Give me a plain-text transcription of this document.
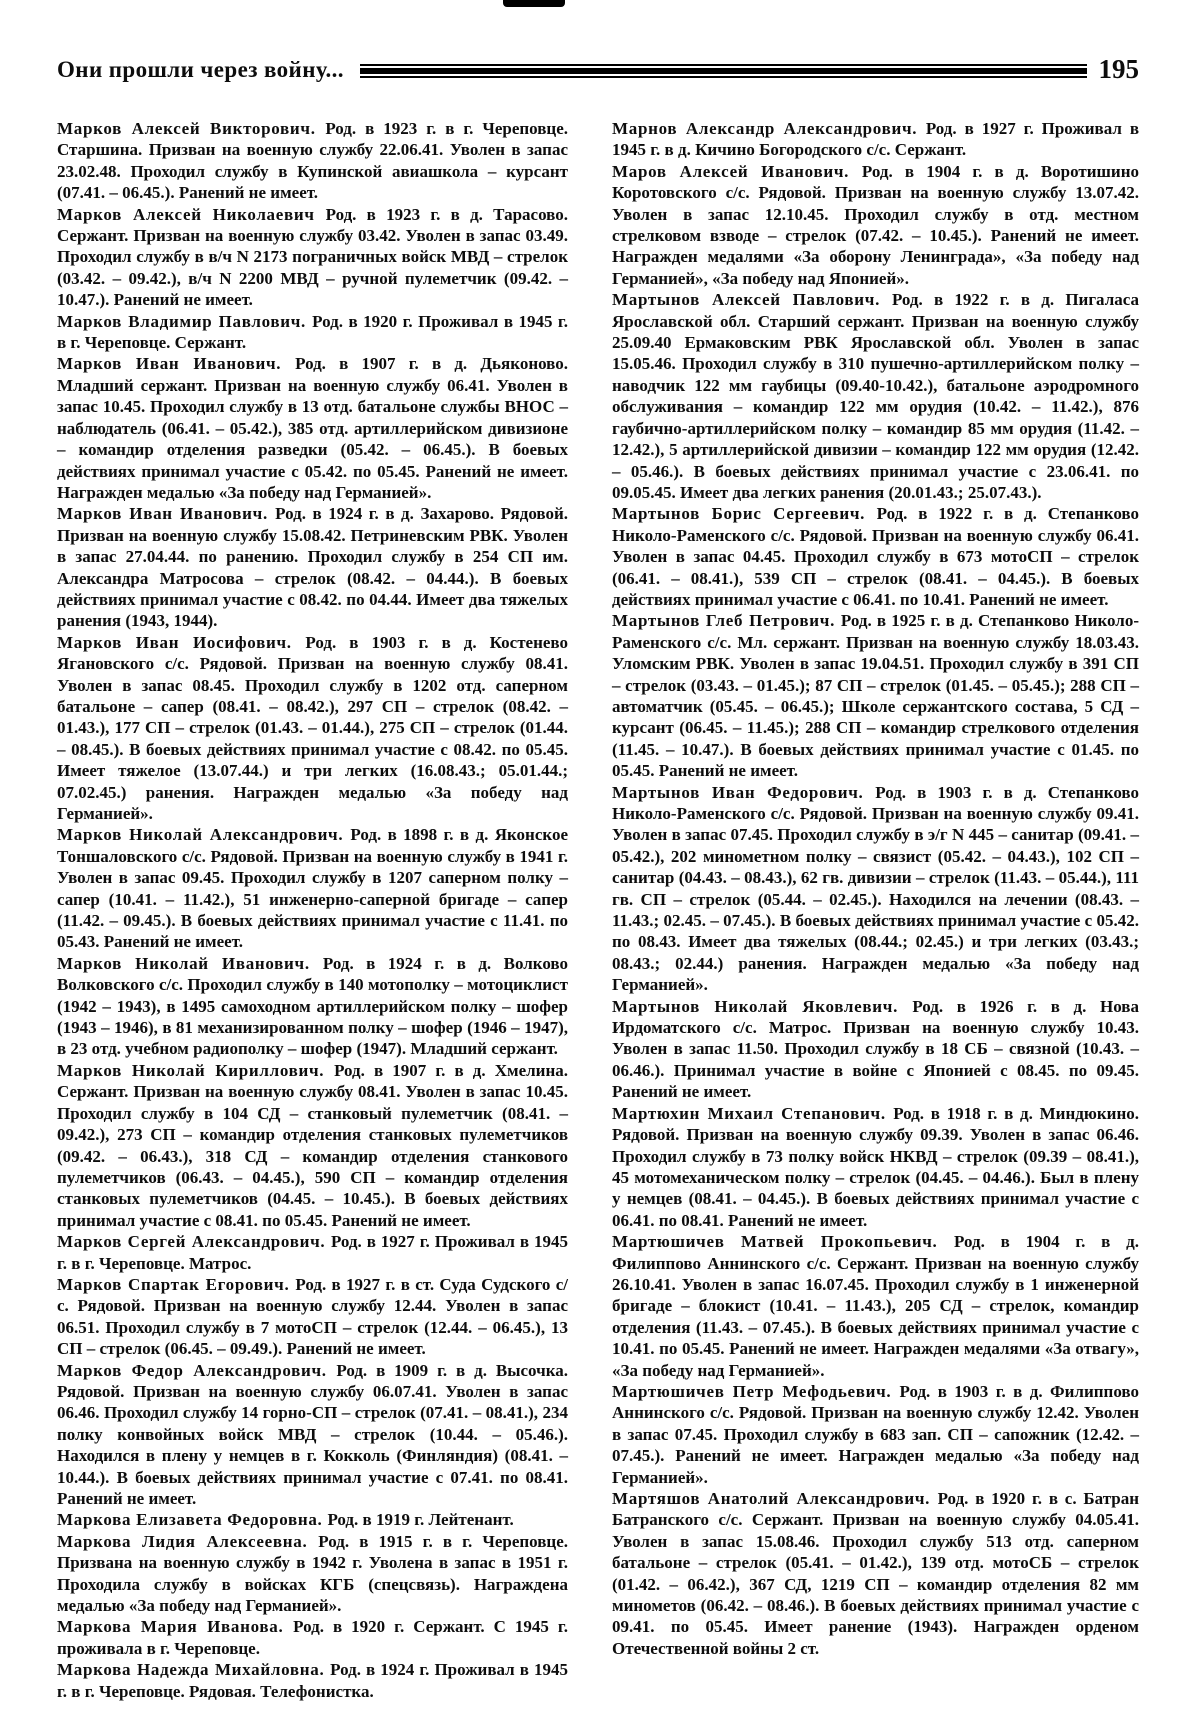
Они прошли через войну...	195

Марков Алексей Викторович. Род. в 1923 г. в г. Череповце. Старшина. Призван на военную службу 22.06.41. Уволен в запас 23.02.48. Проходил службу в Купинской авиашкола – курсант (07.41. – 06.45.). Ранений не имеет.

Марков Алексей Николаевич Род. в 1923 г. в д. Тарасово. Сержант. Призван на военную службу 03.42. Уволен в запас 03.49. Проходил службу в в/ч N 2173 пограничных войск МВД – стрелок (03.42. – 09.42.), в/ч N 2200 МВД – ручной пулеметчик (09.42. – 10.47.). Ранений не имеет.

Марков Владимир Павлович. Род. в 1920 г. Проживал в 1945 г. в г. Череповце. Сержант.

Марков Иван Иванович. Род. в 1907 г. в д. Дьяконово. Младший сержант. Призван на военную службу 06.41. Уволен в запас 10.45. Проходил службу в 13 отд. батальоне службы ВНОС – наблюдатель (06.41. – 05.42.), 385 отд. артиллерийском дивизионе – командир отделения разведки (05.42. – 06.45.). В боевых действиях принимал участие с 05.42. по 05.45. Ранений не имеет. Награжден медалью «За победу над Германией».

Марков Иван Иванович. Род. в 1924 г. в д. Захарово. Рядовой. Призван на военную службу 15.08.42. Петриневским РВК. Уволен в запас 27.04.44. по ранению. Проходил службу в 254 СП им. Александра Матросова – стрелок (08.42. – 04.44.). В боевых действиях принимал участие с 08.42. по 04.44. Имеет два тяжелых ранения (1943, 1944).

Марков Иван Иосифович. Род. в 1903 г. в д. Костенево Ягановского с/с. Рядовой. Призван на военную службу 08.41. Уволен в запас 08.45. Проходил службу в 1202 отд. саперном батальоне – сапер (08.41. – 08.42.), 297 СП – стрелок (08.42. – 01.43.), 177 СП – стрелок (01.43. – 01.44.), 275 СП – стрелок (01.44. – 08.45.). В боевых действиях принимал участие с 08.42. по 05.45. Имеет тяжелое (13.07.44.) и три легких (16.08.43.; 05.01.44.; 07.02.45.) ранения. Награжден медалью «За победу над Германией».

Марков Николай Александрович. Род. в 1898 г. в д. Яконское Тоншаловского с/с. Рядовой. Призван на военную службу в 1941 г. Уволен в запас 09.45. Проходил службу в 1207 саперном полку – сапер (10.41. – 11.42.), 51 инженерно-саперной бригаде – сапер (11.42. – 09.45.). В боевых действиях принимал участие с 11.41. по 05.43. Ранений не имеет.

Марков Николай Иванович. Род. в 1924 г. в д. Волково Волковского с/с. Проходил службу в 140 мотополку – мотоциклист (1942 – 1943), в 1495 самоходном артиллерийском полку – шофер (1943 – 1946), в 81 механизированном полку – шофер (1946 – 1947), в 23 отд. учебном радиополку – шофер (1947). Младший сержант.

Марков Николай Кириллович. Род. в 1907 г. в д. Хмелина. Сержант. Призван на военную службу 08.41. Уволен в запас 10.45. Проходил службу в 104 СД – станковый пулеметчик (08.41. – 09.42.), 273 СП – командир отделения станковых пулеметчиков (09.42. – 06.43.), 318 СД – командир отделения станкового пулеметчиков (06.43. – 04.45.), 590 СП – командир отделения станковых пулеметчиков (04.45. – 10.45.). В боевых действиях принимал участие с 08.41. по 05.45. Ранений не имеет.

Марков Сергей Александрович. Род. в 1927 г. Проживал в 1945 г. в г. Череповце. Матрос.

Марков Спартак Егорович. Род. в 1927 г. в ст. Суда Судского с/с. Рядовой. Призван на военную службу 12.44. Уволен в запас 06.51. Проходил службу в 7 мотоСП – стрелок (12.44. – 06.45.), 13 СП – стрелок (06.45. – 09.49.). Ранений не имеет.

Марков Федор Александрович. Род. в 1909 г. в д. Высочка. Рядовой. Призван на военную службу 06.07.41. Уволен в запас 06.46. Проходил службу 14 горно-СП – стрелок (07.41. – 08.41.), 234 полку конвойных войск МВД – стрелок (10.44. – 05.46.). Находился в плену у немцев в г. Кокколь (Финляндия) (08.41. – 10.44.). В боевых действиях принимал участие с 07.41. по 08.41. Ранений не имеет.

Маркова Елизавета Федоровна. Род. в 1919 г. Лейтенант.

Маркова Лидия Алексеевна. Род. в 1915 г. в г. Череповце. Призвана на военную службу в 1942 г. Уволена в запас в 1951 г. Проходила службу в войсках КГБ (спецсвязь). Награждена медалью «За победу над Германией».

Маркова Мария Иванова. Род. в 1920 г. Сержант. С 1945 г. проживала в г. Череповце.

Маркова Надежда Михайловна. Род. в 1924 г. Проживал в 1945 г. в г. Череповце. Рядовая. Телефонистка.

Марнов Александр Александрович. Род. в 1927 г. Проживал в 1945 г. в д. Кичино Богородского с/с. Сержант.

Маров Алексей Иванович. Род. в 1904 г. в д. Воротишино Коротовского с/с. Рядовой. Призван на военную службу 13.07.42. Уволен в запас 12.10.45. Проходил службу в отд. местном стрелковом взводе – стрелок (07.42. – 10.45.). Ранений не имеет. Награжден медалями «За оборону Ленинграда», «За победу над Германией», «За победу над Японией».

Мартынов Алексей Павлович. Род. в 1922 г. в д. Пигаласа Ярославской обл. Старший сержант. Призван на военную службу 25.09.40 Ермаковским РВК Ярославской обл. Уволен в запас 15.05.46. Проходил службу в 310 пушечно-артиллерийском полку – наводчик 122 мм гаубицы (09.40-10.42.), батальоне аэродромного обслуживания – командир 122 мм орудия (10.42. – 11.42.), 876 гаубично-артиллерийском полку – командир 85 мм орудия (11.42. – 12.42.), 5 артиллерийской дивизии – командир 122 мм орудия (12.42. – 05.46.). В боевых действиях принимал участие с 23.06.41. по 09.05.45. Имеет два легких ранения (20.01.43.; 25.07.43.).

Мартынов Борис Сергеевич. Род. в 1922 г. в д. Степанково Николо-Раменского с/с. Рядовой. Призван на военную службу 06.41. Уволен в запас 04.45. Проходил службу в 673 мотоСП – стрелок (06.41. – 08.41.), 539 СП – стрелок (08.41. – 04.45.). В боевых действиях принимал участие с 06.41. по 10.41. Ранений не имеет.

Мартынов Глеб Петрович. Род. в 1925 г. в д. Степанково Николо-Раменского с/с. Мл. сержант. Призван на военную службу 18.03.43. Уломским РВК. Уволен в запас 19.04.51. Проходил службу в 391 СП – стрелок (03.43. – 01.45.); 87 СП – стрелок (01.45. – 05.45.); 288 СП – автоматчик (05.45. – 06.45.); Школе сержантского состава, 5 СД – курсант (06.45. – 11.45.); 288 СП – командир стрелкового отделения (11.45. – 10.47.). В боевых действиях принимал участие с 01.45. по 05.45. Ранений не имеет.

Мартынов Иван Федорович. Род. в 1903 г. в д. Степанково Николо-Раменского с/с. Рядовой. Призван на военную службу 09.41. Уволен в запас 07.45. Проходил службу в э/г N 445 – санитар (09.41. – 05.42.), 202 минометном полку – связист (05.42. – 04.43.), 102 СП – санитар (04.43. – 08.43.), 62 гв. дивизии – стрелок (11.43. – 05.44.), 111 гв. СП – стрелок (05.44. – 02.45.). Находился на лечении (08.43. – 11.43.; 02.45. – 07.45.). В боевых действиях принимал участие с 05.42. по 08.43. Имеет два тяжелых (08.44.; 02.45.) и три легких (03.43.; 08.43.; 02.44.) ранения. Награжден медалью «За победу над Германией».

Мартынов Николай Яковлевич. Род. в 1926 г. в д. Нова Ирдоматского с/с. Матрос. Призван на военную службу 10.43. Уволен в запас 11.50. Проходил службу в 18 СБ – связной (10.43. – 06.46.). Принимал участие в войне с Японией с 08.45. по 09.45. Ранений не имеет.

Мартюхин Михаил Степанович. Род. в 1918 г. в д. Миндюкино. Рядовой. Призван на военную службу 09.39. Уволен в запас 06.46. Проходил службу в 73 полку войск НКВД – стрелок (09.39 – 08.41.), 45 мотомеханическом полку – стрелок (04.45. – 04.46.). Был в плену у немцев (08.41. – 04.45.). В боевых действиях принимал участие с 06.41. по 08.41. Ранений не имеет.

Мартюшичев Матвей Прокопьевич. Род. в 1904 г. в д. Филиппово Аннинского с/с. Сержант. Призван на военную службу 26.10.41. Уволен в запас 16.07.45. Проходил службу в 1 инженерной бригаде – блокист (10.41. – 11.43.), 205 СД – стрелок, командир отделения (11.43. – 07.45.). В боевых действиях принимал участие с 10.41. по 05.45. Ранений не имеет. Награжден медалями «За отвагу», «За победу над Германией».

Мартюшичев Петр Мефодьевич. Род. в 1903 г. в д. Филиппово Аннинского с/с. Рядовой. Призван на военную службу 12.42. Уволен в запас 07.45. Проходил службу в 683 зап. СП – сапожник (12.42. – 07.45.). Ранений не имеет. Награжден медалью «За победу над Германией».

Мартяшов Анатолий Александрович. Род. в 1920 г. в с. Батран Батранского с/с. Сержант. Призван на военную службу 04.05.41. Уволен в запас 15.08.46. Проходил службу 513 отд. саперном батальоне – стрелок (05.41. – 01.42.), 139 отд. мотоСБ – стрелок (01.42. – 06.42.), 367 СД, 1219 СП – командир отделения 82 мм минометов (06.42. – 08.46.). В боевых действиях принимал участие с 09.41. по 05.45. Имеет ранение (1943). Награжден орденом Отечественной войны 2 ст.
